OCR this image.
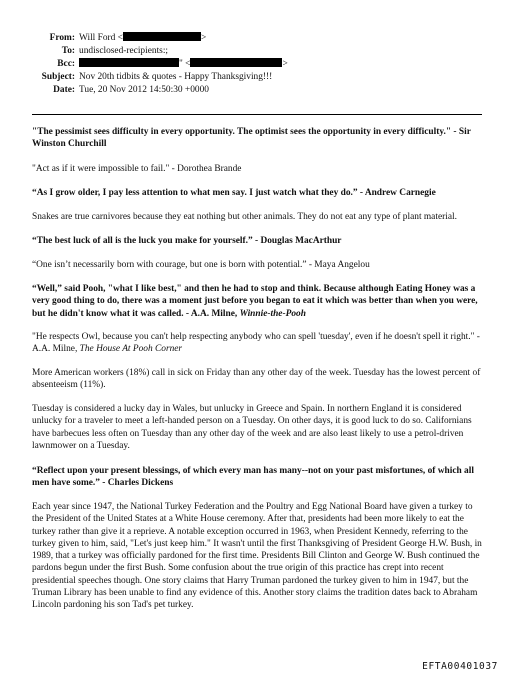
From: Will Ford <	>
To: undisclosed-recipients:;
Bcc:	" <	>
Subject: Nov 20th tidbits & quotes - Happy Thanksgiving!!!
Date: Tue, 20 Nov 2012 14:50:30 +0000
"The pessimist sees difficulty in every opportunity. The optimist sees the opportunity in every difficulty." - Sir Winston Churchill
"Act as if it were impossible to fail." - Dorothea Brande
“As I grow older, I pay less attention to what men say. I just watch what they do.” - Andrew Carnegie
Snakes are true carnivores because they eat nothing but other animals. They do not eat any type of plant material.
“The best luck of all is the luck you make for yourself.” - Douglas MacArthur
“One isn’t necessarily born with courage, but one is born with potential.” - Maya Angelou
“Well,” said Pooh, "what I like best," and then he had to stop and think. Because although Eating Honey was a very good thing to do, there was a moment just before you began to eat it which was better than when you were, but he didn't know what it was called. - A.A. Milne, Winnie-the-Pooh
"He respects Owl, because you can't help respecting anybody who can spell 'tuesday', even if he doesn't spell it right." - A.A. Milne, The House At Pooh Corner
More American workers (18%) call in sick on Friday than any other day of the week. Tuesday has the lowest percent of absenteeism (11%).
Tuesday is considered a lucky day in Wales, but unlucky in Greece and Spain. In northern England it is considered unlucky for a traveler to meet a left-handed person on a Tuesday. On other days, it is good luck to do so. Californians have barbecues less often on Tuesday than any other day of the week and are also least likely to use a petrol-driven lawnmower on a Tuesday.
“Reflect upon your present blessings, of which every man has many--not on your past misfortunes, of which all men have some.” - Charles Dickens
Each year since 1947, the National Turkey Federation and the Poultry and Egg National Board have given a turkey to the President of the United States at a White House ceremony. After that, presidents had been more likely to eat the turkey rather than give it a reprieve. A notable exception occurred in 1963, when President Kennedy, referring to the turkey given to him, said, "Let's just keep him." It wasn't until the first Thanksgiving of President George H.W. Bush, in 1989, that a turkey was officially pardoned for the first time. Presidents Bill Clinton and George W. Bush continued the pardons begun under the first Bush. Some confusion about the true origin of this practice has crept into recent presidential speeches though. One story claims that Harry Truman pardoned the turkey given to him in 1947, but the Truman Library has been unable to find any evidence of this. Another story claims the tradition dates back to Abraham Lincoln pardoning his son Tad's pet turkey.
EFTA00401037
